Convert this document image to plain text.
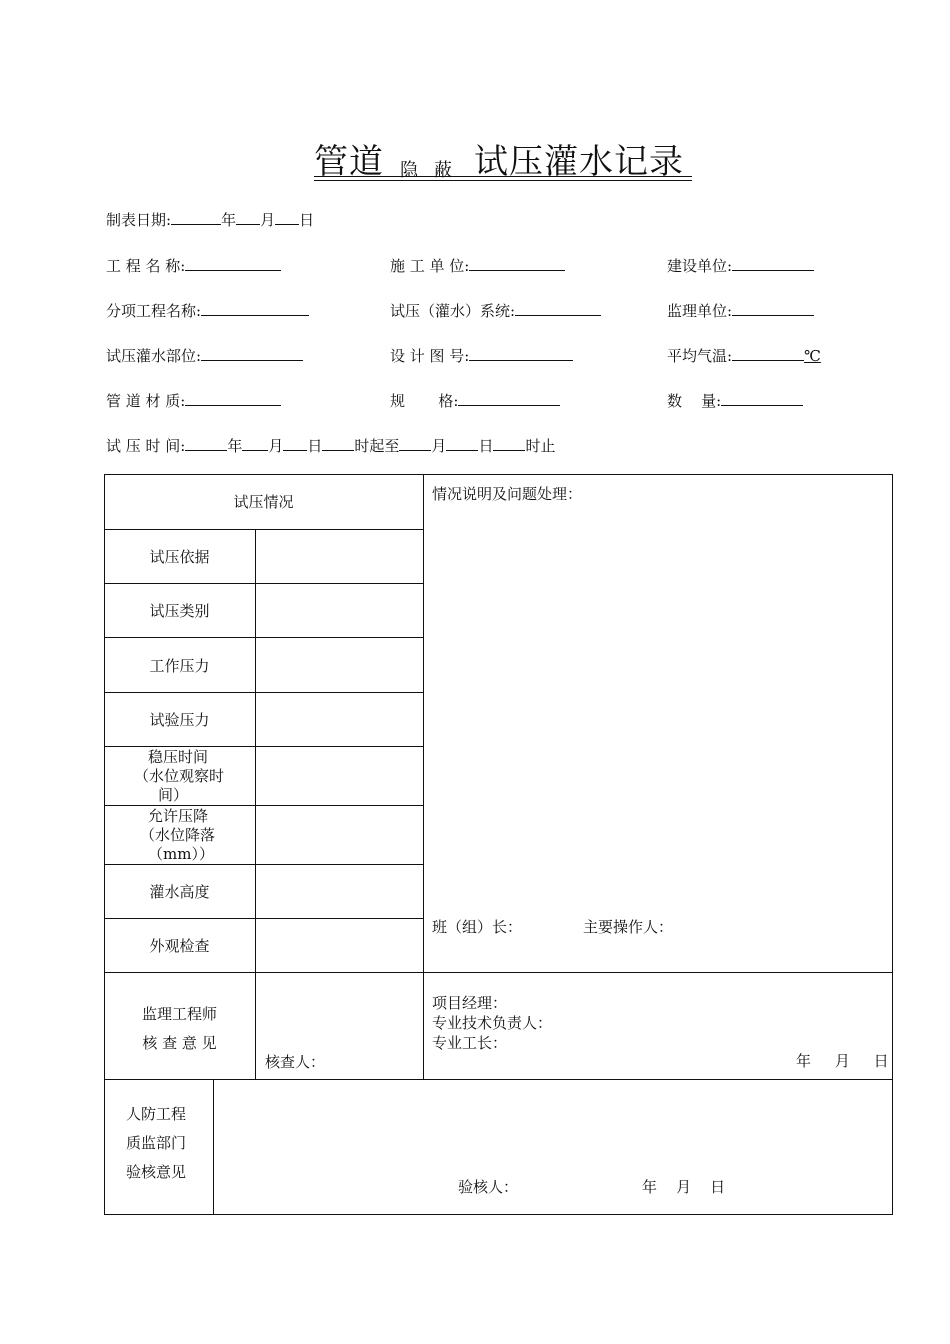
管道 隐 蔽 试压灌水记录
制表日期:	年 月 日
工 程 名 称:	施 工 单 位:	建设单位:
分项工程名称:	试压（灌水）系统:	监理单位:
试压灌水部位:	设 计 图 号:	平均气温:	℃
管 道 材 质:	规       格:	数    量:
试 压 时 间:	年 月 日 时起至 月 日 时止
试压情况	情况说明及问题处理：
试压依据
试压类别
工作压力
试验压力
稳压时间
（水位观察时
间）
允许压降
（水位降落
（mm））
灌水高度
外观检查
班（组）长：	主要操作人：
监理工程师
核 查 意 见
核查人：
项目经理：
专业技术负责人：
专业工长：
年     月     日
人防工程
质监部门
验核意见
验核人：	年    月    日
